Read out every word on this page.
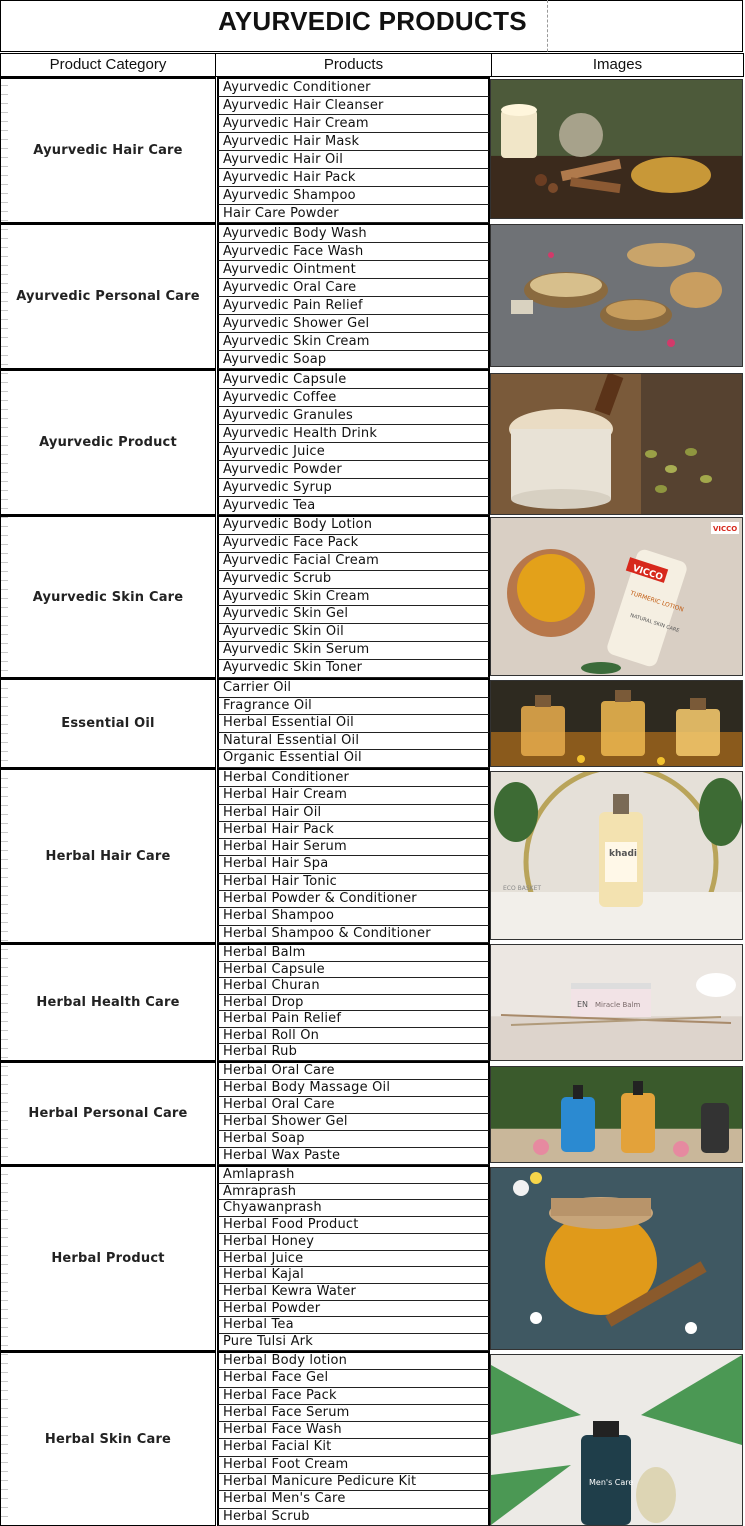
AYURVEDIC PRODUCTS
Product Category	Products	Images
Ayurvedic Hair Care
Ayurvedic Conditioner
Ayurvedic Hair Cleanser
Ayurvedic Hair Cream
Ayurvedic Hair Mask
Ayurvedic Hair Oil
Ayurvedic Hair Pack
Ayurvedic Shampoo
Hair Care Powder
Ayurvedic Personal Care
Ayurvedic Body Wash
Ayurvedic Face Wash
Ayurvedic Ointment
Ayurvedic Oral Care
Ayurvedic Pain Relief
Ayurvedic Shower Gel
Ayurvedic Skin Cream
Ayurvedic Soap
Ayurvedic Product
Ayurvedic Capsule
Ayurvedic Coffee
Ayurvedic Granules
Ayurvedic Health Drink
Ayurvedic Juice
Ayurvedic Powder
Ayurvedic Syrup
Ayurvedic Tea
Ayurvedic Skin Care
Ayurvedic Body Lotion
Ayurvedic Face Pack
Ayurvedic Facial Cream
Ayurvedic Scrub
Ayurvedic Skin Cream
Ayurvedic Skin Gel
Ayurvedic Skin Oil
Ayurvedic Skin Serum
Ayurvedic Skin Toner
VICCO
TURMERIC LOTION
NATURAL SKIN CARE
VICCO
Essential Oil
Carrier Oil
Fragrance Oil
Herbal Essential Oil
Natural Essential Oil
Organic Essential Oil
Herbal Hair Care
Herbal Conditioner
Herbal Hair Cream
Herbal Hair Oil
Herbal Hair Pack
Herbal Hair Serum
Herbal Hair Spa
Herbal Hair Tonic
Herbal Powder & Conditioner
Herbal Shampoo
Herbal Shampoo & Conditioner
khadi
ECO BASKET
Herbal Health Care
Herbal Balm
Herbal Capsule
Herbal Churan
Herbal Drop
Herbal Pain Relief
Herbal Roll On
Herbal Rub
EN Miracle Balm
Herbal Personal Care
Herbal Oral Care
Herbal Body Massage Oil
Herbal Oral Care
Herbal Shower Gel
Herbal Soap
Herbal Wax Paste
Herbal Product
Amlaprash
Amraprash
Chyawanprash
Herbal Food Product
Herbal Honey
Herbal Juice
Herbal Kajal
Herbal Kewra Water
Herbal Powder
Herbal Tea
Pure Tulsi Ark
Herbal Skin Care
Herbal Body lotion
Herbal Face Gel
Herbal Face Pack
Herbal Face Serum
Herbal Face Wash
Herbal Facial Kit
Herbal Foot Cream
Herbal Manicure Pedicure Kit
Herbal Men's Care
Herbal Scrub
Men's Care
